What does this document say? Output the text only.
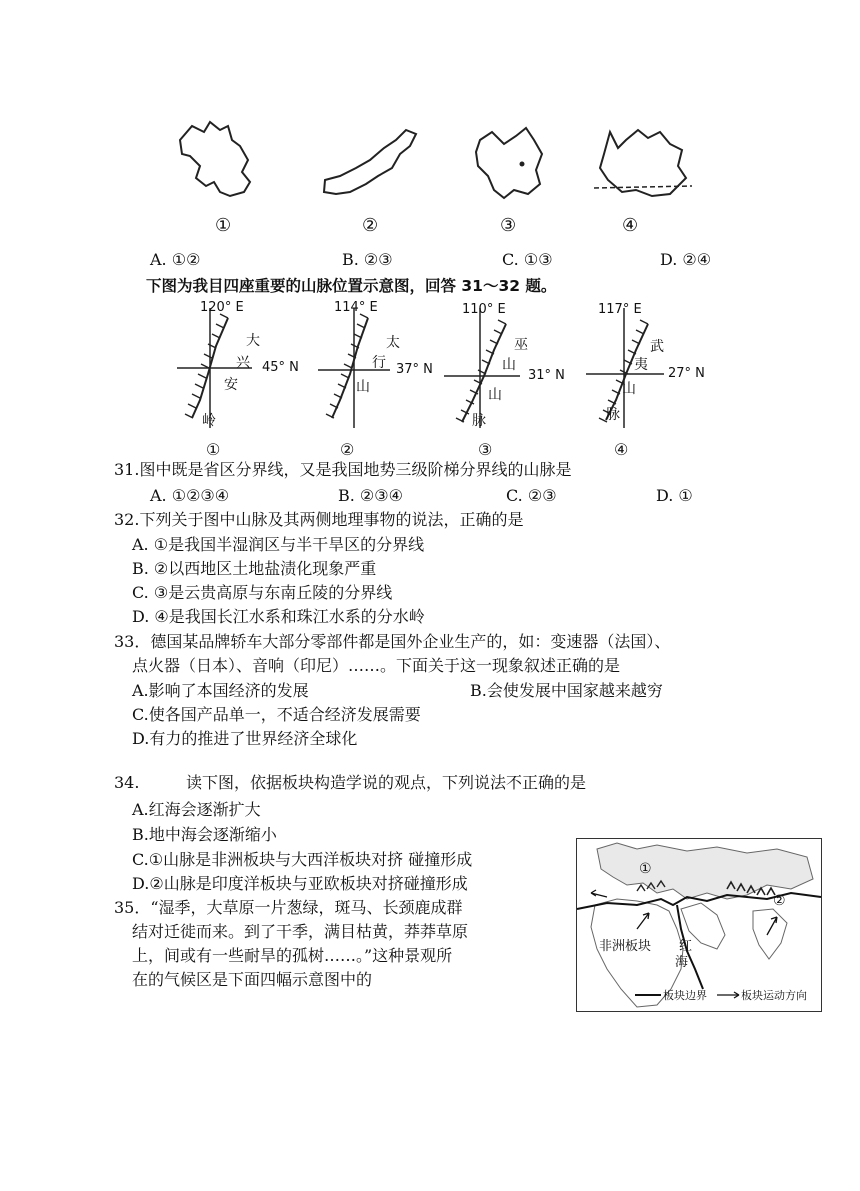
①	②	③	④
A. ①②	B. ②③	C. ①③	D. ②④
下图为我目四座重要的山脉位置示意图，回答 31～32 题。
120° E
45° N
大
兴
安
岭
①
114° E
37° N
太
行
山
②
110° E
31° N
巫
山
山
脉
③
117° E
27° N
武
夷
山
脉
④
31.图中既是省区分界线，又是我国地势三级阶梯分界线的山脉是
A. ①②③④	B. ②③④	C. ②③	D. ①
32.下列关于图中山脉及其两侧地理事物的说法，正确的是
A. ①是我国半湿润区与半干旱区的分界线
B. ②以西地区土地盐渍化现象严重
C. ③是云贵高原与东南丘陵的分界线
D. ④是我国长江水系和珠江水系的分水岭
33．德国某品牌轿车大部分零部件都是国外企业生产的，如：变速器（法国）、
点火器（日本）、音响（印尼）……。下面关于这一现象叙述正确的是
A.影响了本国经济的发展	B.会使发展中国家越来越穷
C.使各国产品单一，不适合经济发展需要
D.有力的推进了世界经济全球化
34.	读下图，依据板块构造学说的观点，下列说法不正确的是
A.红海会逐渐扩大
B.地中海会逐渐缩小
C.①山脉是非洲板块与大西洋板块对挤 碰撞形成
D.②山脉是印度洋板块与亚欧板块对挤碰撞形成
35．“湿季，大草原一片葱绿，斑马、长颈鹿成群
结对迁徙而来。到了干季，满目枯黄，莽莽草原
上，间或有一些耐旱的孤树……。”这种景观所
在的气候区是下面四幅示意图中的
非洲板块 红
海
①
②
板块边界	板块运动方向
